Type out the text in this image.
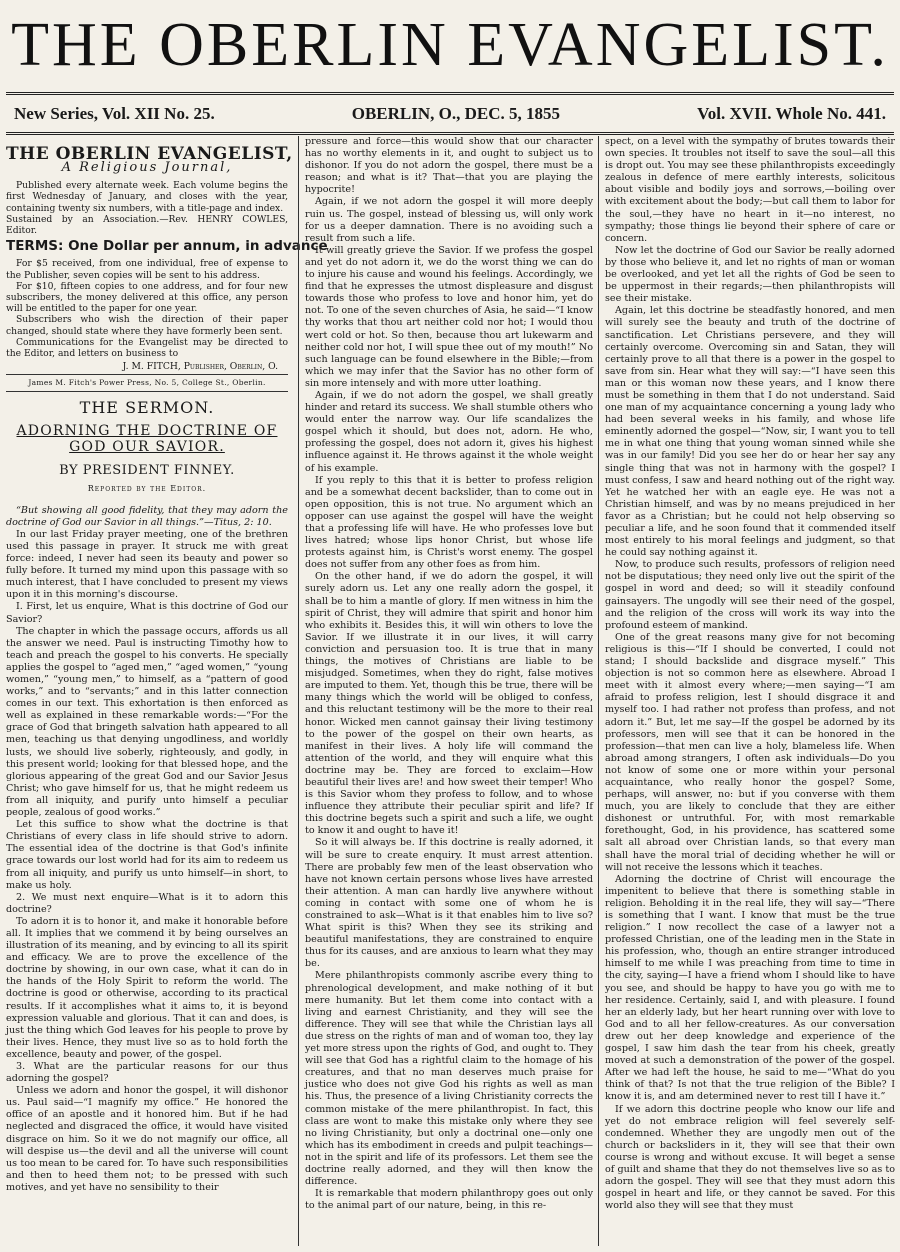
THE OBERLIN EVANGELIST.
New Series, Vol. XII No. 25.	OBERLIN, O., DEC. 5, 1855	Vol. XVII. Whole No. 441.
THE OBERLIN EVANGELIST,
A Religious Journal,

Published every alternate week. Each volume begins the first Wednesday of January, and closes with the year, containing twenty six numbers, with a title-page and index.

Sustained by an Association.—Rev. HENRY COWLES, Editor.

TERMS: One Dollar per annum, in advance

For $5 received, from one individual, free of expense to the Publisher, seven copies will be sent to his address.

For $10, fifteen copies to one address, and for four new subscribers, the money delivered at this office, any person will be entitled to the paper for one year.

Subscribers who wish the direction of their paper changed, should state where they have formerly been sent.

Communications for the Evangelist may be directed to the Editor, and letters on business to

J. M. FITCH, Publisher, Oberlin, O.
James M. Fitch's Power Press, No. 5, College St., Oberlin.
THE SERMON.
ADORNING THE DOCTRINE OF GOD OUR SAVIOR.
BY PRESIDENT FINNEY.
Reported by the Editor.

“But showing all good fidelity, that they may adorn the doctrine of God our Savior in all things.”—Titus, 2: 10.

In our last Friday prayer meeting, one of the brethren used this passage in prayer. It struck me with great force: indeed, I never had seen its beauty and power so fully before. It turned my mind upon this passage with so much interest, that I have concluded to present my views upon it in this morning's discourse.

I. First, let us enquire, What is this doctrine of God our Savior?

The chapter in which the passage occurs, affords us all the answer we need. Paul is instructing Timothy how to teach and preach the gospel to his converts. He specially applies the gospel to “aged men,” “aged women,” “young women,” “young men,” to himself, as a “pattern of good works,” and to “servants;” and in this latter connection comes in our text. This exhortation is then enforced as well as explained in these remarkable words:—“For the grace of God that bringeth salvation hath appeared to all men, teaching us that denying ungodliness, and worldly lusts, we should live soberly, righteously, and godly, in this present world; looking for that blessed hope, and the glorious appearing of the great God and our Savior Jesus Christ; who gave himself for us, that he might redeem us from all iniquity, and purify unto himself a peculiar people, zealous of good works.”

Let this suffice to show what the doctrine is that Christians of every class in life should strive to adorn. The essential idea of the doctrine is that God's infinite grace towards our lost world had for its aim to redeem us from all iniquity, and purify us unto himself—in short, to make us holy.

2. We must next enquire—What is it to adorn this doctrine?

To adorn it is to honor it, and make it honorable before all. It implies that we commend it by being ourselves an illustration of its meaning, and by evincing to all its spirit and efficacy. We are to prove the excellence of the doctrine by showing, in our own case, what it can do in the hands of the Holy Spirit to reform the world. The doctrine is good or otherwise, according to its practical results. If it accomplishes what it aims to, it is beyond expression valuable and glorious. That it can and does, is just the thing which God leaves for his people to prove by their lives. Hence, they must live so as to hold forth the excellence, beauty and power, of the gospel.

3. What are the particular reasons for our thus adorning the gospel?

Unless we adorn and honor the gospel, it will dishonor us. Paul said—“I magnify my office.” He honored the office of an apostle and it honored him. But if he had neglected and disgraced the office, it would have visited disgrace on him. So it we do not magnify our office, all will despise us—the devil and all the universe will count us too mean to be cared for. To have such responsibilities and then to heed them not; to be pressed with such motives, and yet have no sensibility to their

pressure and force—this would show that our character has no worthy elements in it, and ought to subject us to dishonor. If you do not adorn the gospel, there must be a reason; and what is it? That—that you are playing the hypocrite!

Again, if we not adorn the gospel it will more deeply ruin us. The gospel, instead of blessing us, will only work for us a deeper damnation. There is no avoiding such a result from such a life.

It will greatly grieve the Savior. If we profess the gospel and yet do not adorn it, we do the worst thing we can do to injure his cause and wound his feelings. Accordingly, we find that he expresses the utmost displeasure and disgust towards those who profess to love and honor him, yet do not. To one of the seven churches of Asia, he said—“I know thy works that thou art neither cold nor hot; I would thou wert cold or hot. So then, because thou art lukewarm and neither cold nor hot, I will spue thee out of my mouth!” No such language can be found elsewhere in the Bible;—from which we may infer that the Savior has no other form of sin more intensely and with more utter loathing.

Again, if we do not adorn the gospel, we shall greatly hinder and retard its success. We shall stumble others who would enter the narrow way. Our life scandalizes the gospel which it should, but does not, adorn. He who, professing the gospel, does not adorn it, gives his highest influence against it. He throws against it the whole weight of his example.

If you reply to this that it is better to profess religion and be a somewhat decent backslider, than to come out in open opposition, this is not true. No argument which an opposer can use against the gospel will have the weight that a professing life will have. He who professes love but lives hatred; whose lips honor Christ, but whose life protests against him, is Christ's worst enemy. The gospel does not suffer from any other foes as from him.

On the other hand, if we do adorn the gospel, it will surely adorn us. Let any one really adorn the gospel, it shall be to him a mantle of glory. If men witness in him the spirit of Christ, they will admire that spirit and honor him who exhibits it. Besides this, it will win others to love the Savior. If we illustrate it in our lives, it will carry conviction and persuasion too. It is true that in many things, the motives of Christians are liable to be misjudged. Sometimes, when they do right, false motives are imputed to them. Yet, though this be true, there will be many things which the world will be obliged to confess, and this reluctant testimony will be the more to their real honor. Wicked men cannot gainsay their living testimony to the power of the gospel on their own hearts, as manifest in their lives. A holy life will command the attention of the world, and they will enquire what this doctrine may be. They are forced to exclaim—How beautiful their lives are! and how sweet their temper! Who is this Savior whom they profess to follow, and to whose influence they attribute their peculiar spirit and life? If this doctrine begets such a spirit and such a life, we ought to know it and ought to have it!

So it will always be. If this doctrine is really adorned, it will be sure to create enquiry. It must arrest attention. There are probably few men of the least observation who have not known certain persons whose lives have arrested their attention. A man can hardly live anywhere without coming in contact with some one of whom he is constrained to ask—What is it that enables him to live so? What spirit is this? When they see its striking and beautiful manifestations, they are constrained to enquire thus for its causes, and are anxious to learn what they may be.

Mere philanthropists commonly ascribe every thing to phrenological development, and make nothing of it but mere humanity. But let them come into contact with a living and earnest Christianity, and they will see the difference. They will see that while the Christian lays all due stress on the rights of man and of woman too, they lay yet more stress upon the rights of God, and ought to. They will see that God has a rightful claim to the homage of his creatures, and that no man deserves much praise for justice who does not give God his rights as well as man his. Thus, the presence of a living Christianity corrects the common mistake of the mere philanthropist. In fact, this class are wont to make this mistake only where they see no living Christianity, but only a doctrinal one—only one which has its embodiment in creeds and pulpit teachings—not in the spirit and life of its professors. Let them see the doctrine really adorned, and they will then know the difference.

It is remarkable that modern philanthropy goes out only to the animal part of our nature, being, in this re-

spect, on a level with the sympathy of brutes towards their own species. It troubles not itself to save the soul—all this is dropt out. You may see these philanthropists exceedingly zealous in defence of mere earthly interests, solicitous about visible and bodily joys and sorrows,—boiling over with excitement about the body;—but call them to labor for the soul,—they have no heart in it—no interest, no sympathy; those things lie beyond their sphere of care or concern.

Now let the doctrine of God our Savior be really adorned by those who believe it, and let no rights of man or woman be overlooked, and yet let all the rights of God be seen to be uppermost in their regards;—then philanthropists will see their mistake.

Again, let this doctrine be steadfastly honored, and men will surely see the beauty and truth of the doctrine of sanctification. Let Christians persevere, and they will certainly overcome. Overcoming sin and Satan, they will certainly prove to all that there is a power in the gospel to save from sin. Hear what they will say:—“I have seen this man or this woman now these years, and I know there must be something in them that I do not understand. Said one man of my acquaintance concerning a young lady who had been several weeks in his family, and whose life eminently adorned the gospel—“Now, sir, I want you to tell me in what one thing that young woman sinned while she was in our family! Did you see her do or hear her say any single thing that was not in harmony with the gospel? I must confess, I saw and heard nothing out of the right way. Yet he watched her with an eagle eye. He was not a Christian himself, and was by no means prejudiced in her favor as a Christian; but he could not help observing so peculiar a life, and he soon found that it commended itself most entirely to his moral feelings and judgment, so that he could say nothing against it.

Now, to produce such results, professors of religion need not be disputatious; they need only live out the spirit of the gospel in word and deed; so will it steadily confound gainsayers. The ungodly will see their need of the gospel, and the religion of the cross will work its way into the profound esteem of mankind.

One of the great reasons many give for not becoming religious is this—“If I should be converted, I could not stand; I should backslide and disgrace myself.” This objection is not so common here as elsewhere. Abroad I meet with it almost every where;—men saying—“I am afraid to profess religion, lest I should disgrace it and myself too. I had rather not profess than profess, and not adorn it.” But, let me say—If the gospel be adorned by its professors, men will see that it can be honored in the profession—that men can live a holy, blameless life. When abroad among strangers, I often ask individuals—Do you not know of some one or more within your personal acquaintance, who really honor the gospel? Some, perhaps, will answer, no: but if you converse with them much, you are likely to conclude that they are either dishonest or untruthful. For, with most remarkable forethought, God, in his providence, has scattered some salt all abroad over Christian lands, so that every man shall have the moral trial of deciding whether he will or will not receive the lessons which it teaches.

Adorning the doctrine of Christ will encourage the impenitent to believe that there is something stable in religion. Beholding it in the real life, they will say—“There is something that I want. I know that must be the true religion.” I now recollect the case of a lawyer not a professed Christian, one of the leading men in the State in his profession, who, though an entire stranger introduced himself to me while I was preaching from time to time in the city, saying—I have a friend whom I should like to have you see, and should be happy to have you go with me to her residence. Certainly, said I, and with pleasure. I found her an elderly lady, but her heart running over with love to God and to all her fellow-creatures. As our conversation drew out her deep knowledge and experience of the gospel, I saw him dash the tear from his cheek, greatly moved at such a demonstration of the power of the gospel. After we had left the house, he said to me—“What do you think of that? Is not that the true religion of the Bible? I know it is, and am determined never to rest till I have it.”

If we adorn this doctrine people who know our life and yet do not embrace religion will feel severely self-condemned. Whether they are ungodly men out of the church or backsliders in it, they will see that their own course is wrong and without excuse. It will beget a sense of guilt and shame that they do not themselves live so as to adorn the gospel. They will see that they must adorn this gospel in heart and life, or they cannot be saved. For this world also they will see that they must
